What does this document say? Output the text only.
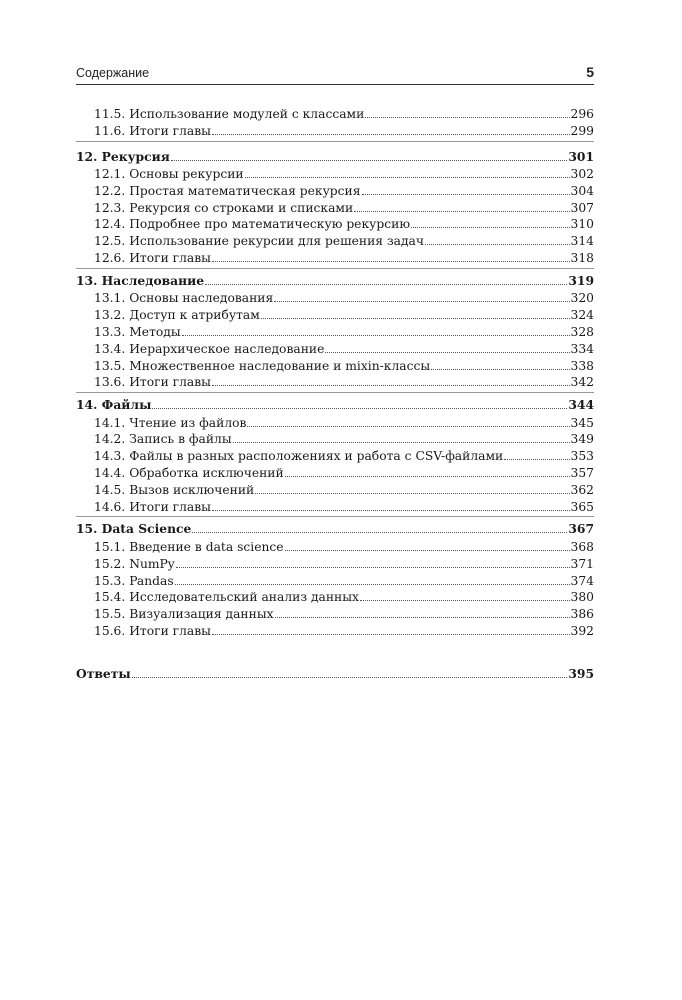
Содержание	5
11.5. Использование модулей с классами	296
11.6. Итоги главы	299
12. Рекурсия	301
12.1. Основы рекурсии	302
12.2. Простая математическая рекурсия	304
12.3. Рекурсия со строками и списками	307
12.4. Подробнее про математическую рекурсию	310
12.5. Использование рекурсии для решения задач	314
12.6. Итоги главы	318
13. Наследование	319
13.1. Основы наследования	320
13.2. Доступ к атрибутам	324
13.3. Методы	328
13.4. Иерархическое наследование	334
13.5. Множественное наследование и mixin-классы	338
13.6. Итоги главы	342
14. Файлы	344
14.1. Чтение из файлов	345
14.2. Запись в файлы	349
14.3. Файлы в разных расположениях и работа с CSV-файлами	353
14.4. Обработка исключений	357
14.5. Вызов исключений	362
14.6. Итоги главы	365
15. Data Science	367
15.1. Введение в data science	368
15.2. NumPy	371
15.3. Pandas	374
15.4. Исследовательский анализ данных	380
15.5. Визуализация данных	386
15.6. Итоги главы	392
Ответы	395
